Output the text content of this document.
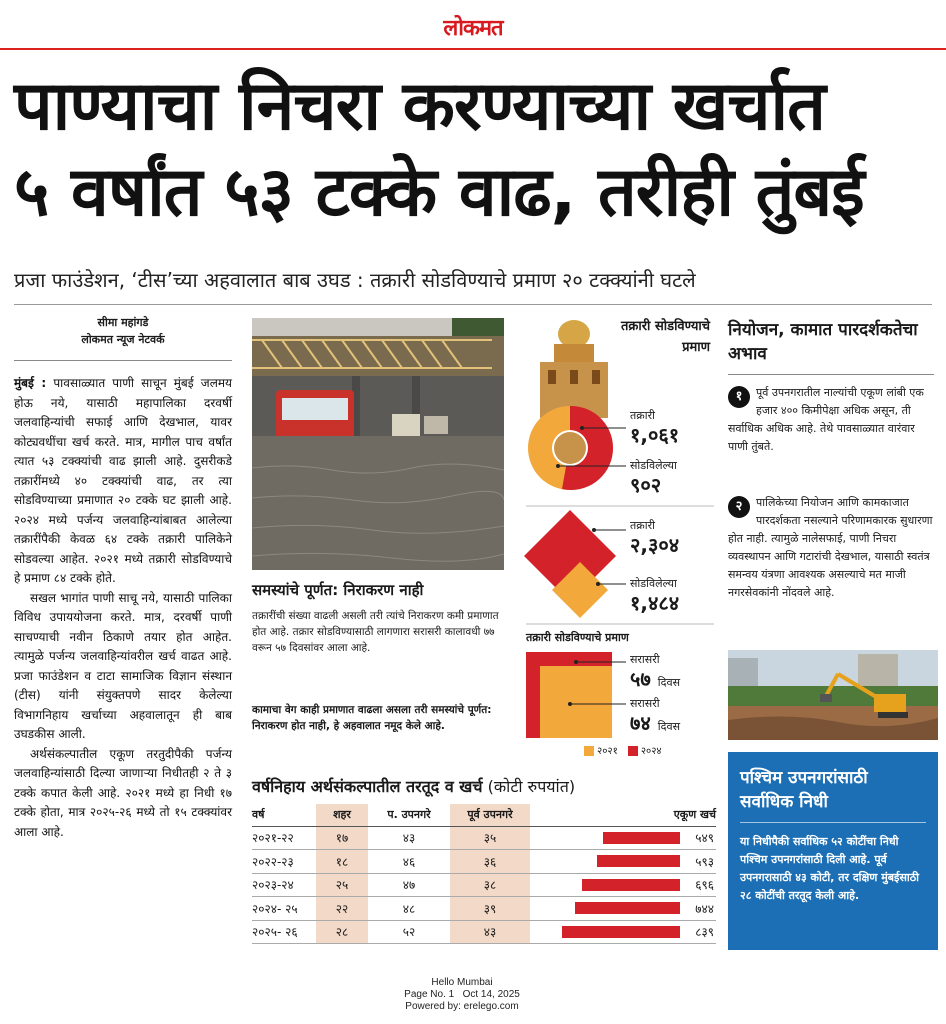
लोकमत
पाण्याचा निचरा करण्याच्या खर्चात
५ वर्षांत ५३ टक्के वाढ, तरीही तुंबई
प्रजा फाउंडेशन, ‘टीस’च्या अहवालात बाब उघड : तक्रारी सोडविण्याचे प्रमाण २० टक्क्यांनी घटले
सीमा महांगडे
लोकमत न्यूज नेटवर्क

मुंबई : पावसाळ्यात पाणी साचून मुंबई जलमय होऊ नये, यासाठी महापालिका दरवर्षी जलवाहिन्यांची सफाई आणि देखभाल, यावर कोट्यवधींचा खर्च करते. मात्र, मागील पाच वर्षांत त्यात ५३ टक्क्यांची वाढ झाली आहे. दुसरीकडे तक्रारींमध्ये ४० टक्क्यांची वाढ, तर त्या सोडविण्याच्या प्रमाणात २० टक्के घट झाली आहे. २०२४ मध्ये पर्जन्य जलवाहिन्यांबाबत आलेल्या तक्रारींपैकी केवळ ६४ टक्के तक्रारी पालिकेने सोडवल्या आहेत. २०२१ मध्ये तक्रारी सोडविण्याचे हे प्रमाण ८४ टक्के होते.

सखल भागांत पाणी साचू नये, यासाठी पालिका विविध उपाययोजना करते. मात्र, दरवर्षी पाणी साचण्याची नवीन ठिकाणे तयार होत आहेत. त्यामुळे पर्जन्य जलवाहिन्यांवरील खर्च वाढत आहे. प्रजा फाउंडेशन व टाटा सामाजिक विज्ञान संस्थान (टीस) यांनी संयुक्तपणे सादर केलेल्या विभागनिहाय खर्चाच्या अहवालातून ही बाब उघडकीस आली.

अर्थसंकल्पातील एकूण तरतुदीपैकी पर्जन्य जलवाहिन्यांसाठी दिल्या जाणाऱ्या निधीतही २ ते ३ टक्के कपात केली आहे. २०२१ मध्ये हा निधी १७ टक्के होता, मात्र २०२५-२६ मध्ये तो १५ टक्क्यांवर आला आहे.

समस्यांचे पूर्णत: निराकरण नाही
तक्रारींची संख्या वाढली असली तरी त्यांचे निराकरण कमी प्रमाणात होत आहे. तक्रार सोडविण्यासाठी लागणारा सरासरी कालावधी ७७ वरून ५७ दिवसांवर आला आहे.
कामाचा वेग काही प्रमाणात वाढला असला तरी समस्यांचे पूर्णत: निराकरण होत नाही, हे अहवालात नमूद केले आहे.
तक्रारी सोडविण्याचे प्रमाण
तक्रारी
१,०६१
सोडविलेल्या
९०२
तक्रारी
२,३०४
सोडविलेल्या
१,४८४
तक्रारी सोडविण्याचे प्रमाण
सरासरी
५७ दिवस
सरासरी
७४ दिवस
२०२१	२०२४
नियोजन, कामात पारदर्शकतेचा अभाव
१	पूर्व उपनगरातील नाल्यांची एकूण लांबी एक हजार ४०० किमीपेक्षा अधिक असून, ती सर्वाधिक अधिक आहे. तेथे पावसाळ्यात वारंवार पाणी तुंबते.
२	पालिकेच्या नियोजन आणि कामकाजात पारदर्शकता नसल्याने परिणामकारक सुधारणा होत नाही. त्यामुळे नालेसफाई, पाणी निचरा व्यवस्थापन आणि गटारांची देखभाल, यासाठी स्वतंत्र समन्वय यंत्रणा आवश्यक असल्याचे मत माजी नगरसेवकांनी नोंदवले आहे.
पश्चिम उपनगरांसाठी सर्वाधिक निधी
या निधीपैकी सर्वाधिक ५२ कोटींचा निधी पश्चिम उपनगरांसाठी दिली आहे. पूर्व उपनगरासाठी ४३ कोटी, तर दक्षिण मुंबईसाठी २८ कोटींची तरतूद केली आहे.
वर्षनिहाय अर्थसंकल्पातील तरतूद व खर्च (कोटी रुपयांत)
वर्ष	शहर	प. उपनगरे	पूर्व उपनगरे	एकूण खर्च
२०२१-२२	१७	४३	३५	५४९
२०२२-२३	१८	४६	३६	५९३
२०२३-२४	२५	४७	३८	६९६
२०२४- २५	२२	४८	३९	७४४
२०२५- २६	२८	५२	४३	८३९
Hello Mumbai
Page No. 1 Oct 14, 2025
Powered by: erelego.com
